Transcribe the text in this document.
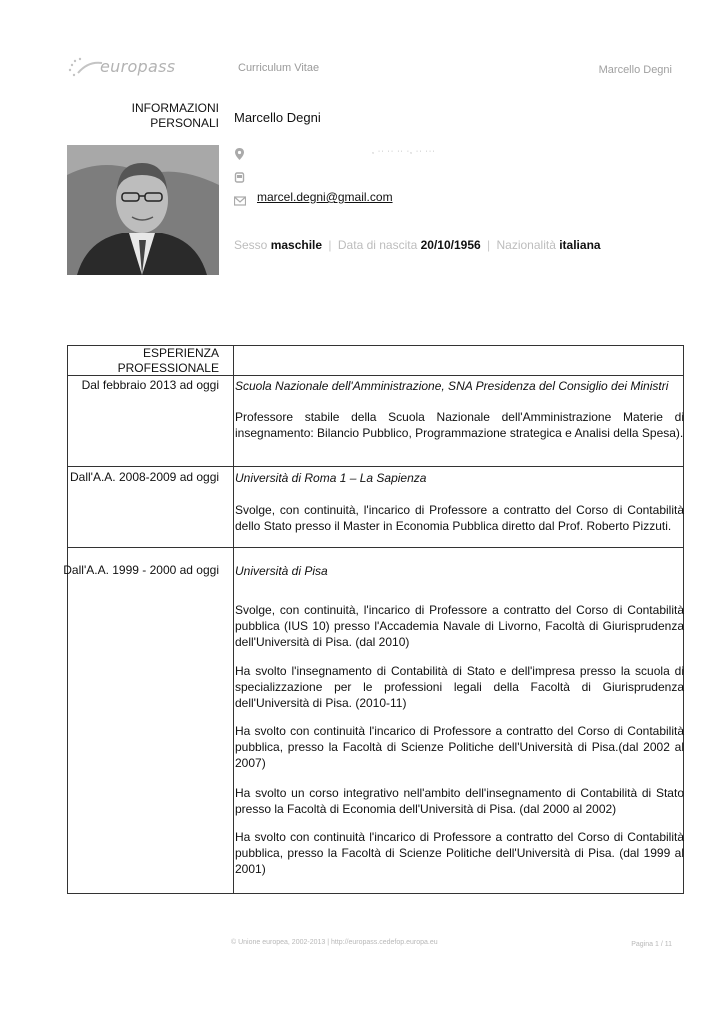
europass	Curriculum Vitae	Marcello Degni
INFORMAZIONI
PERSONALI Marcello Degni
, ·· ·· ·· ·, ·· ···
marcel.degni@gmail.com
Sesso maschile | Data di nascita 20/10/1956 | Nazionalità italiana
ESPERIENZA
PROFESSIONALE
Dal febbraio 2013 ad oggi Scuola Nazionale dell'Amministrazione, SNA Presidenza del Consiglio dei Ministri
Professore stabile della Scuola Nazionale dell'Amministrazione Materie di insegnamento: Bilancio Pubblico, Programmazione strategica e Analisi della Spesa).
Dall'A.A. 2008-2009 ad oggi Università di Roma 1 – La Sapienza
Svolge, con continuità, l'incarico di Professore a contratto del Corso di Contabilità dello Stato presso il Master in Economia Pubblica diretto dal Prof. Roberto Pizzuti.
Dall'A.A. 1999 - 2000 ad oggi Università di Pisa
Svolge, con continuità, l'incarico di Professore a contratto del Corso di Contabilità pubblica (IUS 10) presso l'Accademia Navale di Livorno, Facoltà di Giurisprudenza dell'Università di Pisa. (dal 2010)
Ha svolto l'insegnamento di Contabilità di Stato e dell'impresa presso la scuola di specializzazione per le professioni legali della Facoltà di Giurisprudenza dell'Università di Pisa. (2010-11)
Ha svolto con continuità l'incarico di Professore a contratto del Corso di Contabilità pubblica, presso la Facoltà di Scienze Politiche dell'Università di Pisa.(dal 2002 al 2007)
Ha svolto un corso integrativo nell'ambito dell'insegnamento di Contabilità di Stato presso la Facoltà di Economia dell'Università di Pisa. (dal 2000 al 2002)
Ha svolto con continuità l'incarico di Professore a contratto del Corso di Contabilità pubblica, presso la Facoltà di Scienze Politiche dell'Università di Pisa. (dal 1999 al 2001)
© Unione europea, 2002-2013 | http://europass.cedefop.europa.eu	Pagina 1 / 11
